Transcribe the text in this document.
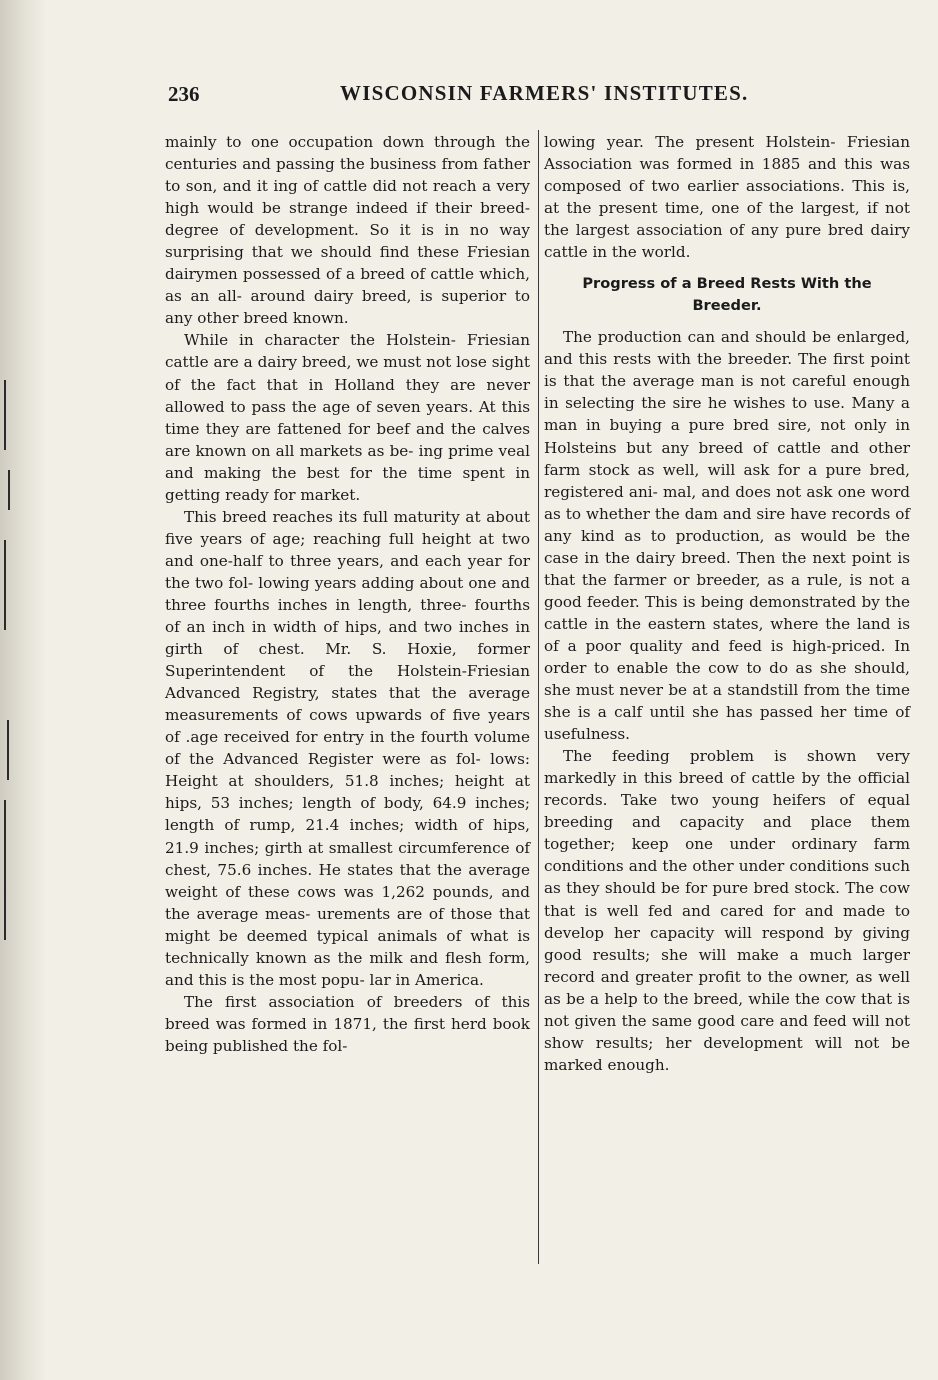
236	WISCONSIN FARMERS' INSTITUTES.

mainly to one occupation down through the centuries and passing the business from father to son, and it ing of cattle did not reach a very high would be strange indeed if their breed- degree of development. So it is in no way surprising that we should find these Friesian dairymen possessed of a breed of cattle which, as an all- around dairy breed, is superior to any other breed known.

While in character the Holstein- Friesian cattle are a dairy breed, we must not lose sight of the fact that in Holland they are never allowed to pass the age of seven years. At this time they are fattened for beef and the calves are known on all markets as be- ing prime veal and making the best for the time spent in getting ready for market.

This breed reaches its full maturity at about five years of age; reaching full height at two and one-half to three years, and each year for the two fol- lowing years adding about one and three fourths inches in length, three- fourths of an inch in width of hips, and two inches in girth of chest. Mr. S. Hoxie, former Superintendent of the Holstein-Friesian Advanced Registry, states that the average measurements of cows upwards of five years of .age received for entry in the fourth volume of the Advanced Register were as fol- lows: Height at shoulders, 51.8 inches; height at hips, 53 inches; length of body, 64.9 inches; length of rump, 21.4 inches; width of hips, 21.9 inches; girth at smallest circumference of chest, 75.6 inches. He states that the average weight of these cows was 1,262 pounds, and the average meas- urements are of those that might be deemed typical animals of what is technically known as the milk and flesh form, and this is the most popu- lar in America.

The first association of breeders of this breed was formed in 1871, the first herd book being published the fol-

lowing year. The present Holstein- Friesian Association was formed in 1885 and this was composed of two earlier associations. This is, at the present time, one of the largest, if not the largest association of any pure bred dairy cattle in the world.

Progress of a Breed Rests With the
Breeder.

The production can and should be enlarged, and this rests with the breeder. The first point is that the average man is not careful enough in selecting the sire he wishes to use. Many a man in buying a pure bred sire, not only in Holsteins but any breed of cattle and other farm stock as well, will ask for a pure bred, registered ani- mal, and does not ask one word as to whether the dam and sire have records of any kind as to production, as would be the case in the dairy breed. Then the next point is that the farmer or breeder, as a rule, is not a good feeder. This is being demonstrated by the cattle in the eastern states, where the land is of a poor quality and feed is high-priced. In order to enable the cow to do as she should, she must never be at a standstill from the time she is a calf until she has passed her time of usefulness.

The feeding problem is shown very markedly in this breed of cattle by the official records. Take two young heifers of equal breeding and capacity and place them together; keep one under ordinary farm conditions and the other under conditions such as they should be for pure bred stock. The cow that is well fed and cared for and made to develop her capacity will respond by giving good results; she will make a much larger record and greater profit to the owner, as well as be a help to the breed, while the cow that is not given the same good care and feed will not show results; her development will not be marked enough.
